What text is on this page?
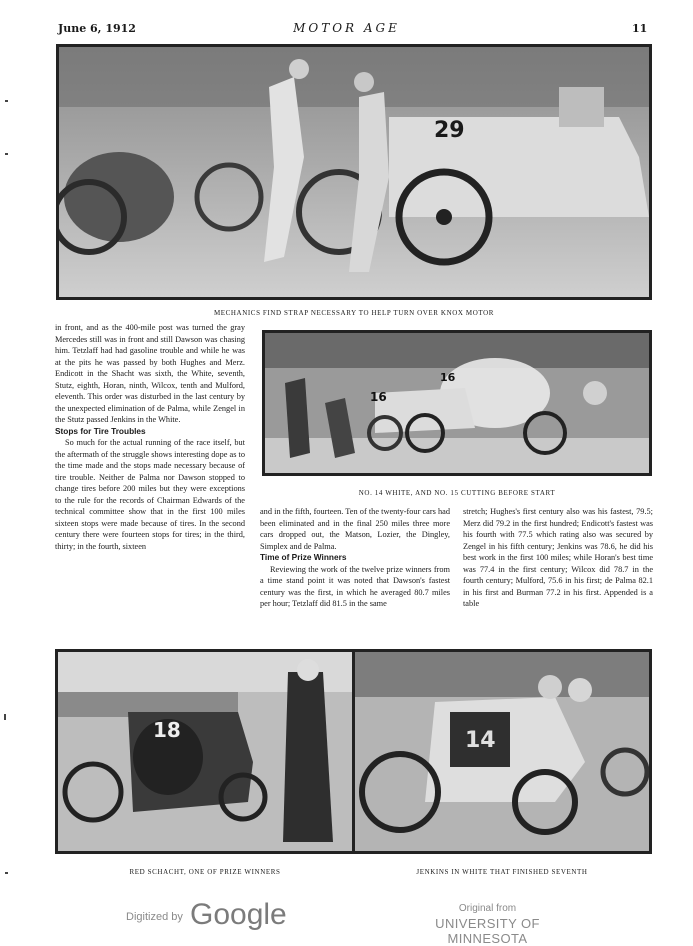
June 6, 1912	MOTOR AGE	11
29
MECHANICS FIND STRAP NECESSARY TO HELP TURN OVER KNOX MOTOR
16
16
NO. 14 WHITE, AND NO. 15 CUTTING BEFORE START

in front, and as the 400-mile post was turned the gray Mercedes still was in front and still Dawson was chasing him. Tetzlaff had had gasoline trouble and while he was at the pits he was passed by both Hughes and Merz. Endicott in the Shacht was sixth, the White, seventh, Stutz, eighth, Horan, ninth, Wilcox, tenth and Mulford, eleventh. This order was disturbed in the last century by the unexpected elimination of de Palma, while Zengel in the Stutz passed Jenkins in the White.

Stops for Tire Troubles

So much for the actual running of the race itself, but the aftermath of the struggle shows interesting dope as to the time made and the stops made necessary because of tire trouble. Neither de Palma nor Dawson stopped to change tires before 200 miles but they were exceptions to the rule for the records of Chairman Edwards of the technical committee show that in the first 100 miles sixteen stops were made because of tires. In the second century there were fourteen stops for tires; in the third, thirty; in the fourth, sixteen

and in the fifth, fourteen. Ten of the twenty-four cars had been eliminated and in the final 250 miles three more cars dropped out, the Matson, Lozier, the Dingley, Simplex and de Palma.

Time of Prize Winners

Reviewing the work of the twelve prize winners from a time stand point it was noted that Dawson's fastest century was the first, in which he averaged 80.7 miles per hour; Tetzlaff did 81.5 in the same

stretch; Hughes's first century also was his fastest, 79.5; Merz did 79.2 in the first hundred; Endicott's fastest was his fourth with 77.5 which rating also was secured by Zengel in his fifth century; Jenkins was 78.6, he did his best work in the first 100 miles; while Horan's best time was 77.4 in the first century; Wilcox did 78.7 in the fourth century; Mulford, 75.6 in his first; de Palma 82.1 in his first and Burman 77.2 in his first. Appended is a table

18	14
RED SCHACHT, ONE OF PRIZE WINNERS	JENKINS IN WHITE THAT FINISHED SEVENTH
Digitized by Google	Original from
UNIVERSITY OF MINNESOTA
